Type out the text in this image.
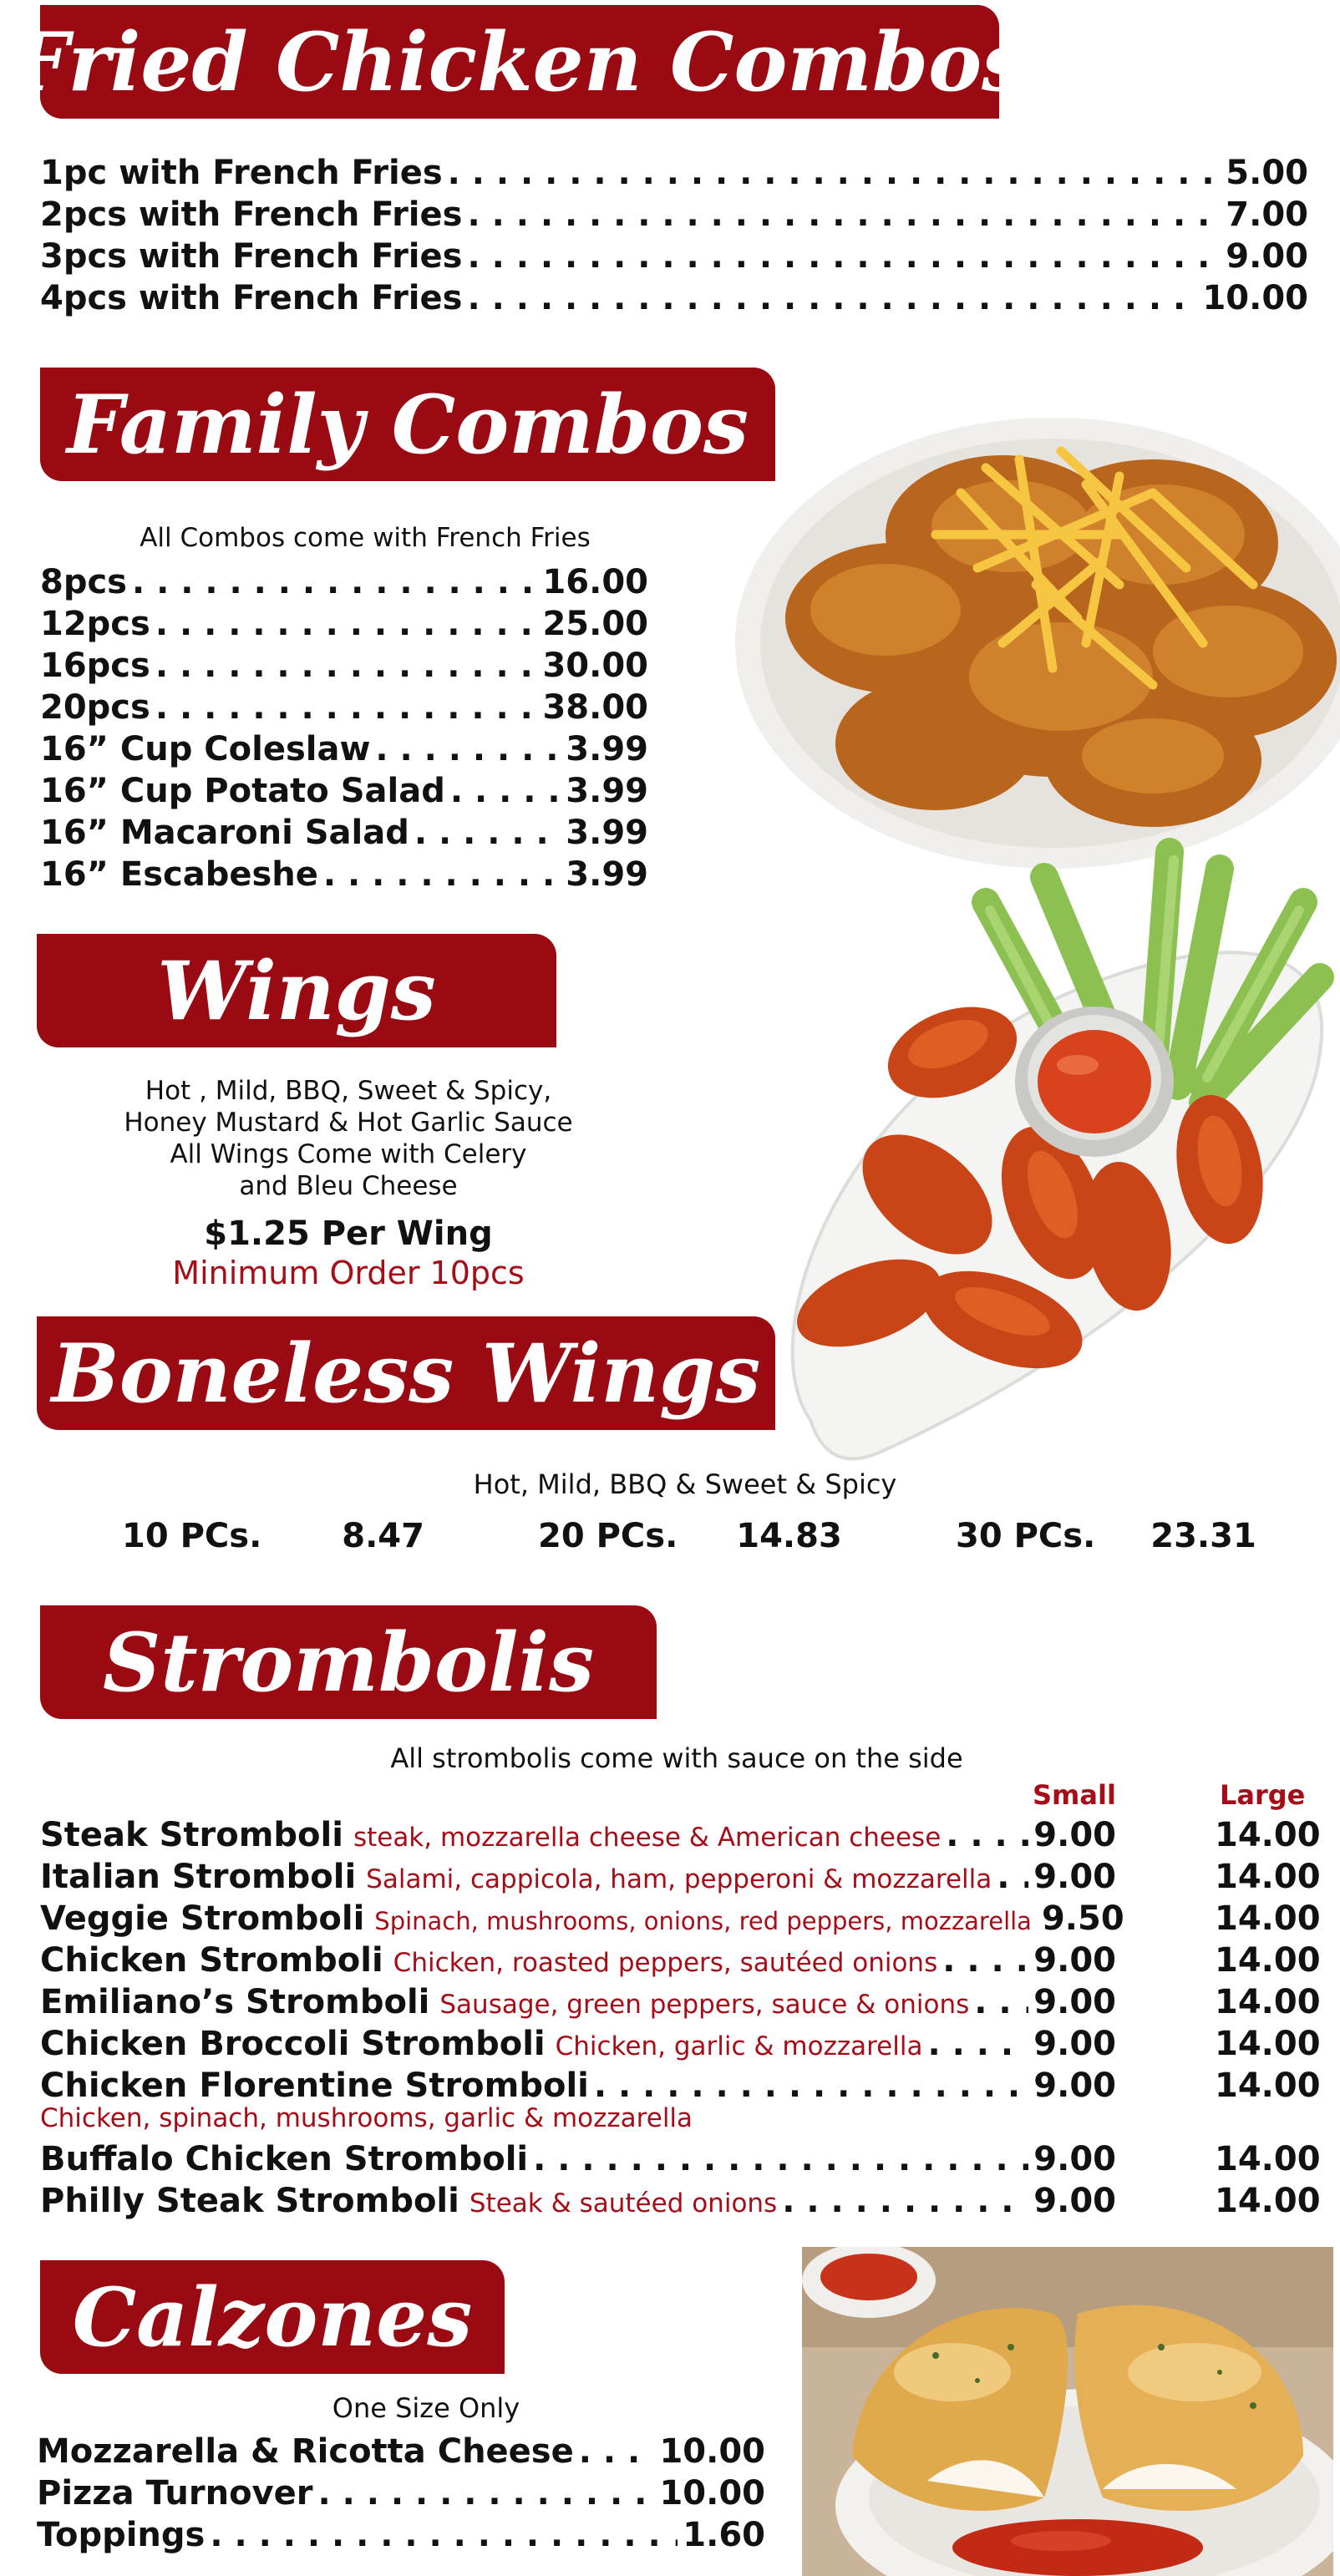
Fried Chicken Combos
1pc with French Fries . . .	5.00
2pcs with French Fries . . .	7.00
3pcs with French Fries . . .	9.00
4pcs with French Fries . . .	10.00
Family Combos
All Combos come with French Fries
8pcs . . .	16.00
12pcs . . .	25.00
16pcs . . .	30.00
20pcs . . .	38.00
16” Cup Coleslaw . . .	3.99
16” Cup Potato Salad . . .	3.99
16” Macaroni Salad . . .	3.99
16” Escabeshe . . .	3.99
Wings
Hot , Mild, BBQ, Sweet & Spicy,
Honey Mustard & Hot Garlic Sauce
All Wings Come with Celery
and Bleu Cheese
$1.25 Per Wing
Minimum Order 10pcs
Boneless Wings
Hot, Mild, BBQ & Sweet & Spicy
10 PCs. 8.47	20 PCs. 14.83	30 PCs. 23.31
Strombolis
All strombolis come with sauce on the side
Small	Large
Steak Stromboli steak, mozzarella cheese & American cheese . . .	9.00	14.00
Italian Stromboli Salami, cappicola, ham, pepperoni & mozzarella . . . 9.00	14.00
Veggie Stromboli Spinach, mushrooms, onions, red peppers, mozzarella 9.50	14.00
Chicken Stromboli Chicken, roasted peppers, sautéed onions . . .	9.00	14.00
Emiliano’s Stromboli Sausage, green peppers, sauce & onions . . . 9.00	14.00
Chicken Broccoli Stromboli Chicken, garlic & mozzarella . . .	9.00	14.00
Chicken Florentine Stromboli . . .	9.00	14.00
Chicken, spinach, mushrooms, garlic & mozzarella
Buffalo Chicken Stromboli . . .	9.00	14.00
Philly Steak Stromboli Steak & sautéed onions . . .	9.00	14.00
Calzones
One Size Only
Mozzarella & Ricotta Cheese . . .	10.00
Pizza Turnover . . .	10.00
Toppings . . .	1.60
